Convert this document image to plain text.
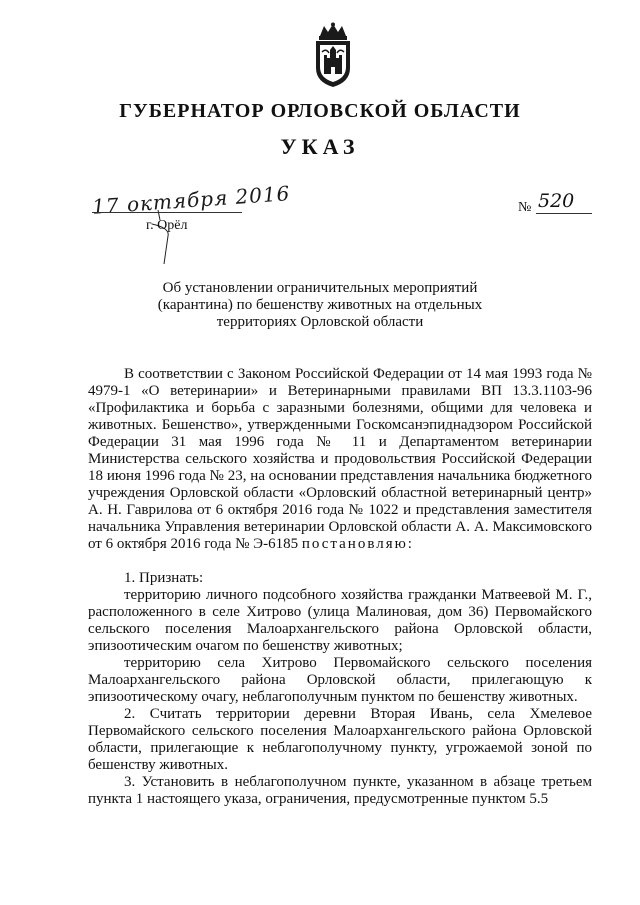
ГУБЕРНАТОР ОРЛОВСКОЙ ОБЛАСТИ
УКАЗ
17 октября 2016
г. Орёл
№ 520
Об установлении ограничительных мероприятий
(карантина) по бешенству животных на отдельных
территориях Орловской области

В соответствии с Законом Российской Федерации от 14 мая 1993 года № 4979-1 «О ветеринарии» и Ветеринарными правилами ВП 13.3.1103-96 «Профилактика и борьба с заразными болезнями, общими для человека и животных. Бешенство», утвержденными Госкомсанэпиднадзором Российской Федерации 31 мая 1996 года № 11 и Департаментом ветеринарии Министерства сельского хозяйства и продовольствия Российской Федерации 18 июня 1996 года № 23, на основании представления начальника бюджетного учреждения Орловской области «Орловский областной ветеринарный центр» А. Н. Гаврилова от 6 октября 2016 года № 1022 и представления заместителя начальника Управления ветеринарии Орловской области А. А. Максимовского от 6 октября 2016 года № Э-6185 постановляю:

1. Признать:

территорию личного подсобного хозяйства гражданки Матвеевой М. Г., расположенного в селе Хитрово (улица Малиновая, дом 36) Первомайского сельского поселения Малоархангельского района Орловской области, эпизоотическим очагом по бешенству животных;

территорию села Хитрово Первомайского сельского поселения Малоархангельского района Орловской области, прилегающую к эпизоотическому очагу, неблагополучным пунктом по бешенству животных.

2. Считать территории деревни Вторая Ивань, села Хмелевое Первомайского сельского поселения Малоархангельского района Орловской области, прилегающие к неблагополучному пункту, угрожаемой зоной по бешенству животных.

3. Установить в неблагополучном пункте, указанном в абзаце третьем пункта 1 настоящего указа, ограничения, предусмотренные пунктом 5.5
